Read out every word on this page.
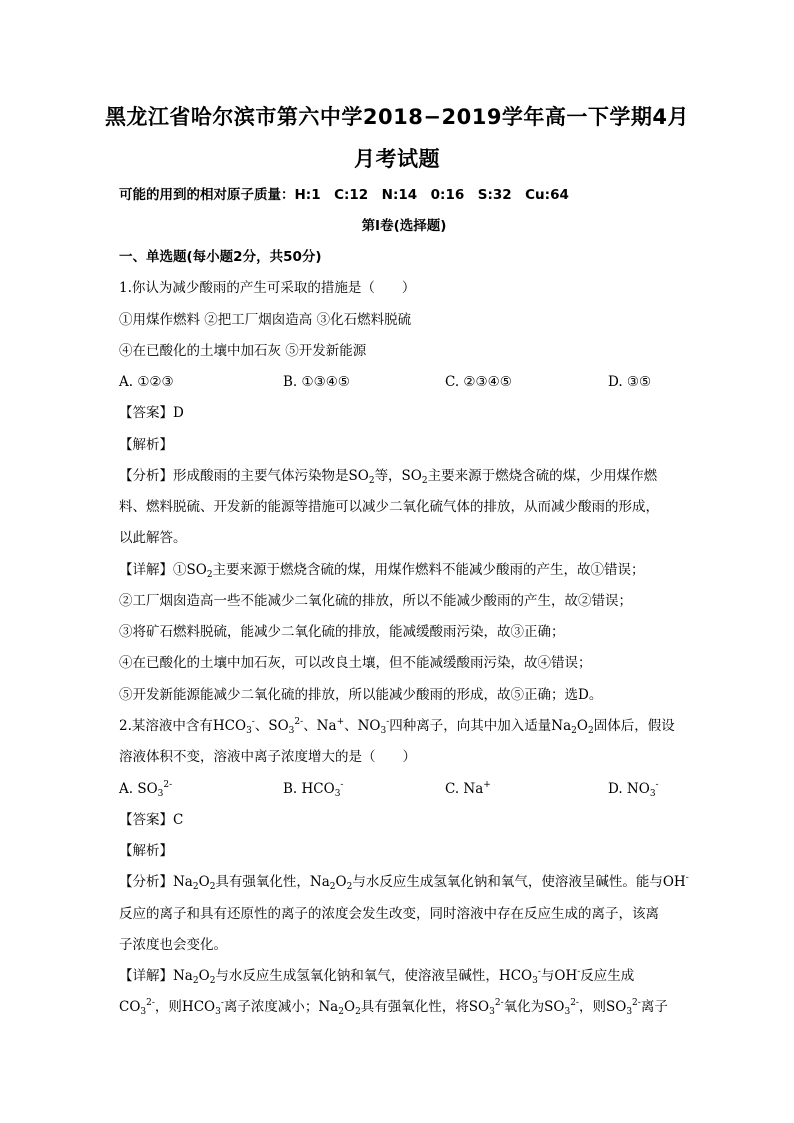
黑龙江省哈尔滨市第六中学2018−2019学年高一下学期4月
月考试题
可能的用到的相对原子质量：H:1　C:12　N:14　0:16　S:32　Cu:64
第I卷(选择题)
一、单选题(每小题2分，共50分)
1.你认为减少酸雨的产生可采取的措施是（　　）
①用煤作燃料 ②把工厂烟囱造高 ③化石燃料脱硫
④在已酸化的土壤中加石灰 ⑤开发新能源
A. ①②③	B. ①③④⑤	C. ②③④⑤	D. ③⑤
【答案】D
【解析】
【分析】形成酸雨的主要气体污染物是$SO_2$等，$SO_2$主要来源于燃烧含硫的煤，少用煤作燃
料、燃料脱硫、开发新的能源等措施可以减少二氧化硫气体的排放，从而减少酸雨的形成，
以此解答。
【详解】$①SO_2$主要来源于燃烧含硫的煤，用煤作燃料不能减少酸雨的产生，故①错误；
②工厂烟囱造高一些不能减少二氧化硫的排放，所以不能减少酸雨的产生，故②错误；
③将矿石燃料脱硫，能减少二氧化硫的排放，能减缓酸雨污染，故③正确；
④在已酸化的土壤中加石灰，可以改良土壤，但不能减缓酸雨污染，故④错误；
⑤开发新能源能减少二氧化硫的排放，所以能减少酸雨的形成，故⑤正确；选D。
2.某溶液中含有$HCO_3^-$、$SO_3^{2-}$、Na+、$NO_3^-$四种离子，向其中加入适量$Na_2O_2$固体后，假设
溶液体积不变，溶液中离子浓度增大的是（　　）
A. $SO_3^{2-}$	B. $HCO_3^-$	C. Na+	D. $NO_3^-$
【答案】C
【解析】
【分析】$Na_2O_2$具有强氧化性，$Na_2O_2$与水反应生成氢氧化钠和氧气，使溶液呈碱性。能与OH-
反应的离子和具有还原性的离子的浓度会发生改变，同时溶液中存在反应生成的离子，该离
子浓度也会变化。
【详解】$Na_2O_2$与水反应生成氢氧化钠和氧气，使溶液呈碱性，$HCO_3^-$与OH-反应生成
$CO_3^{2-}$，则$HCO_3^-$离子浓度减小；$Na_2O_2$具有强氧化性，将$SO_3^{2-}$氧化为$SO_3^{2-}$，则$SO_3^{2-}$离子
